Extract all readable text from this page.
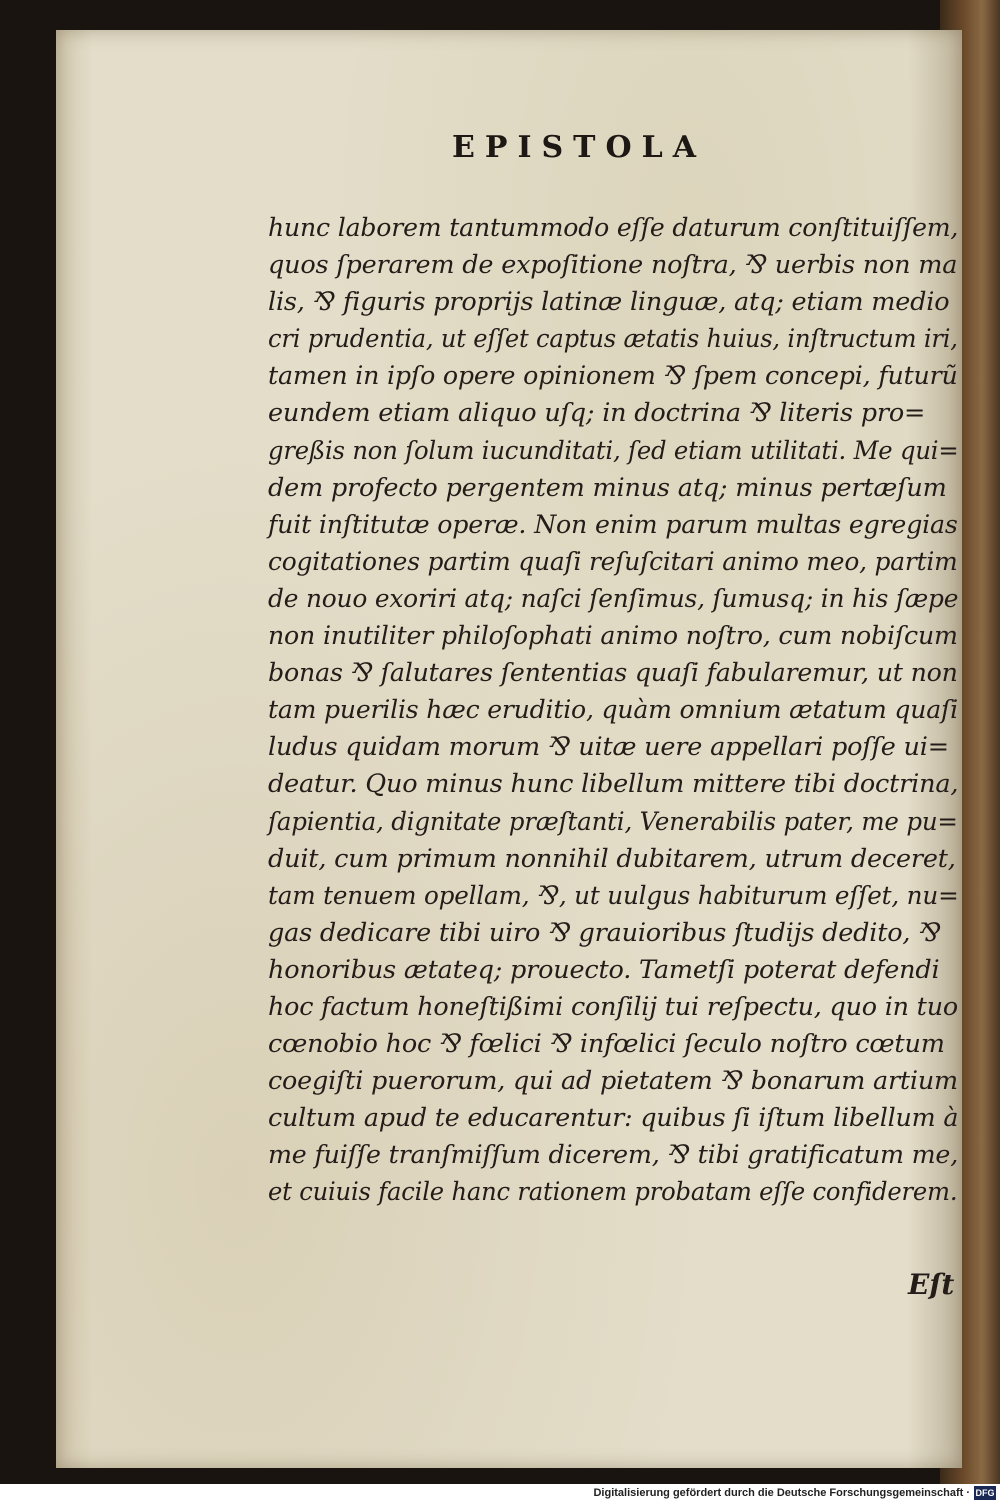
EPISTOLA
hunc laborem tantummodo eſſe daturum conſtituiſſem,
quos ſperarem de expoſitione noſtra, ⅋ uerbis non ma
lis, ⅋ figuris proprijs latinæ linguæ, atq; etiam medio
cri prudentia, ut eſſet captus ætatis huius, inſtructum iri,
tamen in ipſo opere opinionem ⅋ ſpem concepi, futurũ
eundem etiam aliquo uſq; in doctrina ⅋ literis pro=
greßis non ſolum iucunditati, ſed etiam utilitati. Me qui=
dem profecto pergentem minus atq; minus pertæſum
fuit inſtitutæ operæ. Non enim parum multas egregias
cogitationes partim quaſi reſuſcitari animo meo, partim
de nouo exoriri atq; naſci ſenſimus, ſumusq; in his ſæpe
non inutiliter philoſophati animo noſtro, cum nobiſcum
bonas ⅋ ſalutares ſententias quaſi fabularemur, ut non
tam puerilis hæc eruditio, quàm omnium ætatum quaſi
ludus quidam morum ⅋ uitæ uere appellari poſſe ui=
deatur. Quo minus hunc libellum mittere tibi doctrina,
ſapientia, dignitate præſtanti, Venerabilis pater, me pu=
duit, cum primum nonnihil dubitarem, utrum deceret,
tam tenuem opellam, ⅋, ut uulgus habiturum eſſet, nu=
gas dedicare tibi uiro ⅋ grauioribus ſtudijs dedito, ⅋
honoribus ætateq; prouecto. Tametſi poterat defendi
hoc factum honeſtißimi conſilij tui reſpectu, quo in tuo
cœnobio hoc ⅋ fœlici ⅋ infœlici ſeculo noſtro cœtum
coegiſti puerorum, qui ad pietatem ⅋ bonarum artium
cultum apud te educarentur: quibus ſi iſtum libellum à
me fuiſſe tranſmiſſum dicerem, ⅋ tibi gratificatum me,
et cuiuis facile hanc rationem probatam eſſe confiderem.
Eſt
Digitalisierung gefördert durch die Deutsche Forschungsgemeinschaft · DFG
